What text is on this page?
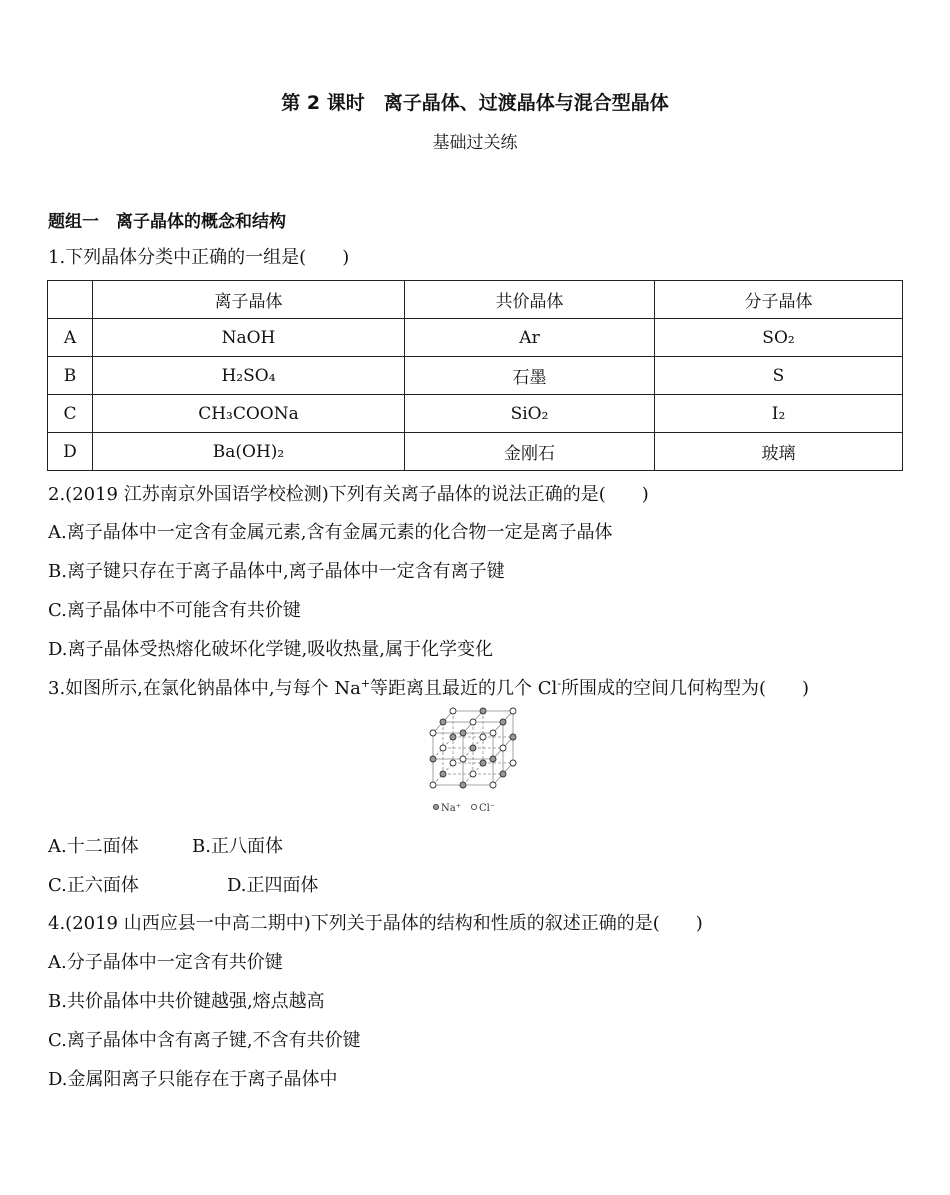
第 2 课时　离子晶体、过渡晶体与混合型晶体
基础过关练
题组一　离子晶体的概念和结构
1.下列晶体分类中正确的一组是(　　)
	离子晶体	共价晶体	分子晶体
A	NaOH	Ar	SO₂
B	H₂SO₄	石墨	S
C	CH₃COONa	SiO₂	I₂
D	Ba(OH)₂	金刚石	玻璃
2.(2019 江苏南京外国语学校检测)下列有关离子晶体的说法正确的是(　　)
A.离子晶体中一定含有金属元素,含有金属元素的化合物一定是离子晶体
B.离子键只存在于离子晶体中,离子晶体中一定含有离子键
C.离子晶体中不可能含有共价键
D.离子晶体受热熔化破坏化学键,吸收热量,属于化学变化
3.如图所示,在氯化钠晶体中,与每个 Na+等距离且最近的几个 Cl-所围成的空间几何构型为(　　)
Na⁺ Cl⁻
A.十二面体	B.正八面体
C.正六面体	D.正四面体
4.(2019 山西应县一中高二期中)下列关于晶体的结构和性质的叙述正确的是(　　)
A.分子晶体中一定含有共价键
B.共价晶体中共价键越强,熔点越高
C.离子晶体中含有离子键,不含有共价键
D.金属阳离子只能存在于离子晶体中
